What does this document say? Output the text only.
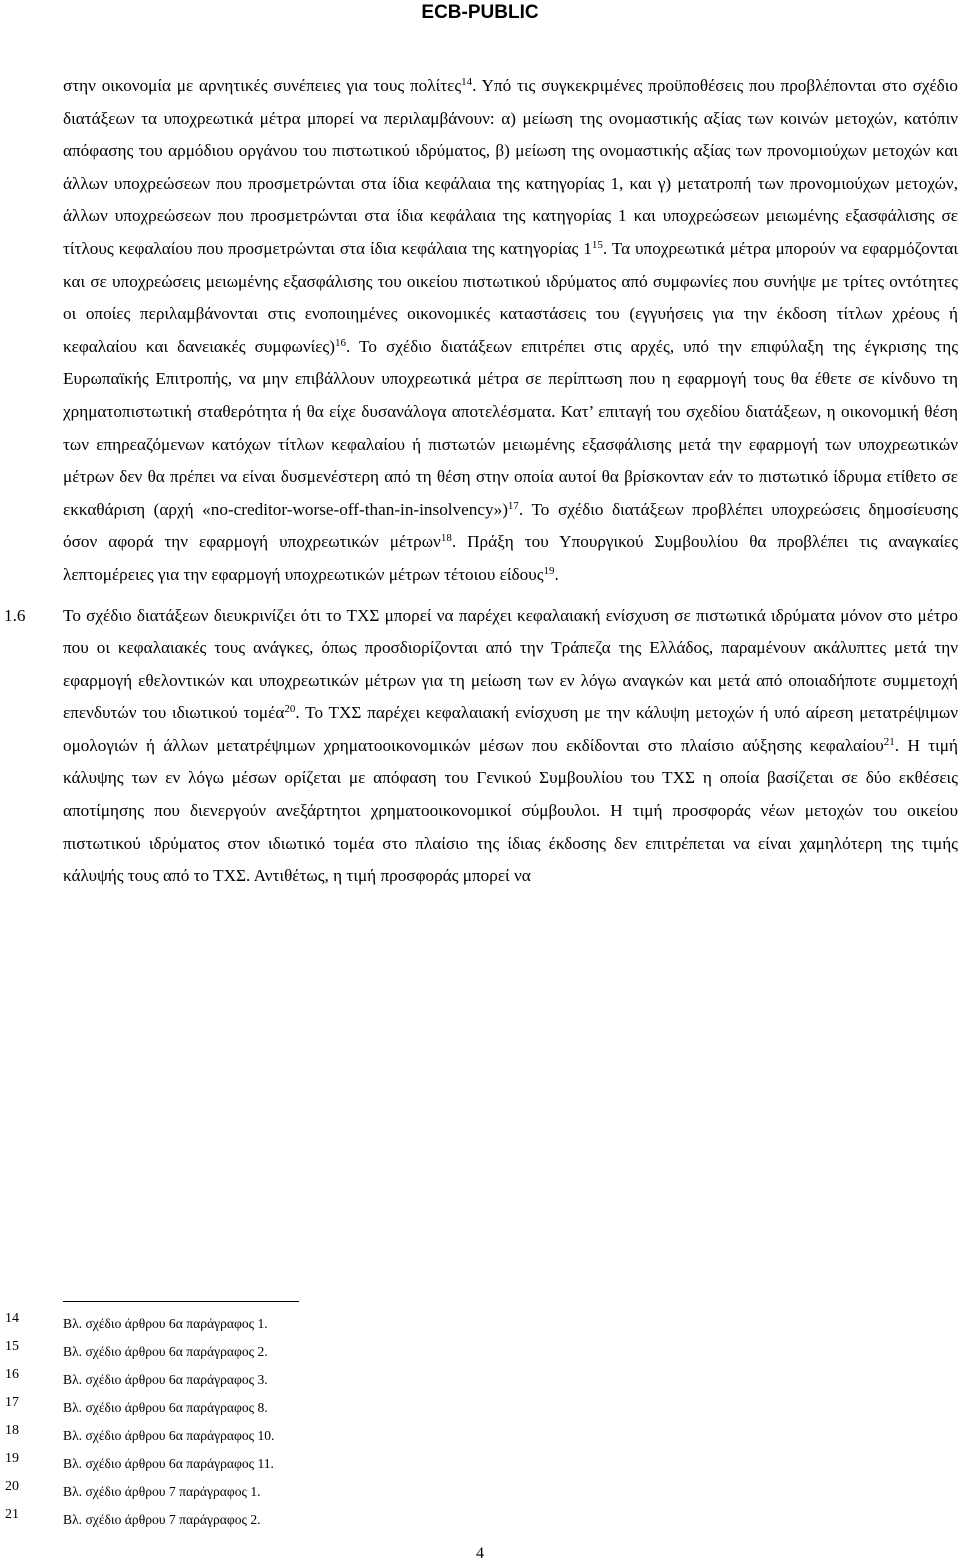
ECB-PUBLIC

στην οικονομία με αρνητικές συνέπειες για τους πολίτες$^{14}$. Υπό τις συγκεκριμένες προϋποθέσεις που προβλέπονται στο σχέδιο διατάξεων τα υποχρεωτικά μέτρα μπορεί να περιλαμβάνουν: α) μείωση της ονομαστικής αξίας των κοινών μετοχών, κατόπιν απόφασης του αρμόδιου οργάνου του πιστωτικού ιδρύματος, β) μείωση της ονομαστικής αξίας των προνομιούχων μετοχών και άλλων υποχρεώσεων που προσμετρώνται στα ίδια κεφάλαια της κατηγορίας 1, και γ) μετατροπή των προνομιούχων μετοχών, άλλων υποχρεώσεων που προσμετρώνται στα ίδια κεφάλαια της κατηγορίας 1 και υποχρεώσεων μειωμένης εξασφάλισης σε τίτλους κεφαλαίου που προσμετρώνται στα ίδια κεφάλαια της κατηγορίας $1^{15}$. Τα υποχρεωτικά μέτρα μπορούν να εφαρμόζονται και σε υποχρεώσεις μειωμένης εξασφάλισης του οικείου πιστωτικού ιδρύματος από συμφωνίες που συνήψε με τρίτες οντότητες οι οποίες περιλαμβάνονται στις ενοποιημένες οικονομικές καταστάσεις του (εγγυήσεις για την έκδοση τίτλων χρέους ή κεφαλαίου και δανειακές συμφωνίες)$^{16}$. Το σχέδιο διατάξεων επιτρέπει στις αρχές, υπό την επιφύλαξη της έγκρισης της Ευρωπαϊκής Επιτροπής, να μην επιβάλλουν υποχρεωτικά μέτρα σε περίπτωση που η εφαρμογή τους θα έθετε σε κίνδυνο τη χρηματοπιστωτική σταθερότητα ή θα είχε δυσανάλογα αποτελέσματα. Κατ’ επιταγή του σχεδίου διατάξεων, η οικονομική θέση των επηρεαζόμενων κατόχων τίτλων κεφαλαίου ή πιστωτών μειωμένης εξασφάλισης μετά την εφαρμογή των υποχρεωτικών μέτρων δεν θα πρέπει να είναι δυσμενέστερη από τη θέση στην οποία αυτοί θα βρίσκονταν εάν το πιστωτικό ίδρυμα ετίθετο σε εκκαθάριση (αρχή «no-creditor-worse-off-than-in-insolvency»)$^{17}$. Το σχέδιο διατάξεων προβλέπει υποχρεώσεις δημοσίευσης όσον αφορά την εφαρμογή υποχρεωτικών μέτρων$^{18}$. Πράξη του Υπουργικού Συμβουλίου θα προβλέπει τις αναγκαίες λεπτομέρειες για την εφαρμογή υποχρεωτικών μέτρων τέτοιου είδους$^{19}$.

1.6 Το σχέδιο διατάξεων διευκρινίζει ότι το ΤΧΣ μπορεί να παρέχει κεφαλαιακή ενίσχυση σε πιστωτικά ιδρύματα μόνον στο μέτρο που οι κεφαλαιακές τους ανάγκες, όπως προσδιορίζονται από την Τράπεζα της Ελλάδος, παραμένουν ακάλυπτες μετά την εφαρμογή εθελοντικών και υποχρεωτικών μέτρων για τη μείωση των εν λόγω αναγκών και μετά από οποιαδήποτε συμμετοχή επενδυτών του ιδιωτικού τομέα$^{20}$. Το ΤΧΣ παρέχει κεφαλαιακή ενίσχυση με την κάλυψη μετοχών ή υπό αίρεση μετατρέψιμων ομολογιών ή άλλων μετατρέψιμων χρηματοοικονομικών μέσων που εκδίδονται στο πλαίσιο αύξησης κεφαλαίου$^{21}$. Η τιμή κάλυψης των εν λόγω μέσων ορίζεται με απόφαση του Γενικού Συμβουλίου του ΤΧΣ η οποία βασίζεται σε δύο εκθέσεις αποτίμησης που διενεργούν ανεξάρτητοι χρηματοοικονομικοί σύμβουλοι. Η τιμή προσφοράς νέων μετοχών του οικείου πιστωτικού ιδρύματος στον ιδιωτικό τομέα στο πλαίσιο της ίδιας έκδοσης δεν επιτρέπεται να είναι χαμηλότερη της τιμής κάλυψής τους από το ΤΧΣ. Αντιθέτως, η τιμή προσφοράς μπορεί να

14	Βλ. σχέδιο άρθρου 6α παράγραφος 1.
15	Βλ. σχέδιο άρθρου 6α παράγραφος 2.
16	Βλ. σχέδιο άρθρου 6α παράγραφος 3.
17	Βλ. σχέδιο άρθρου 6α παράγραφος 8.
18	Βλ. σχέδιο άρθρου 6α παράγραφος 10.
19	Βλ. σχέδιο άρθρου 6α παράγραφος 11.
20	Βλ. σχέδιο άρθρου 7 παράγραφος 1.
21	Βλ. σχέδιο άρθρου 7 παράγραφος 2.
4
